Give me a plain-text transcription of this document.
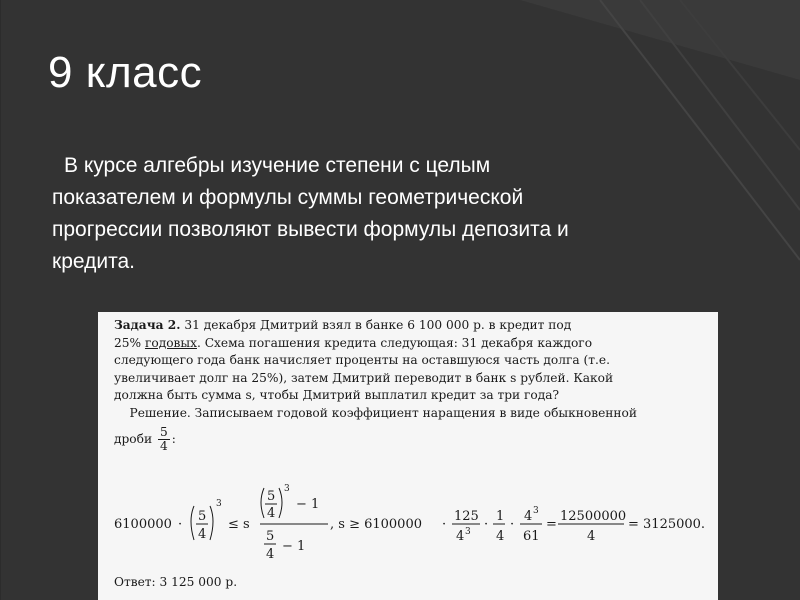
9 класс
В курсе алгебры изучение степени с целым
показателем и формулы суммы геометрической
прогрессии позволяют вывести формулы депозита и
кредита.
Задача 2. 31 декабря Дмитрий взял в банке 6 100 000 р. в кредит под
25% годовых. Схема погашения кредита следующая: 31 декабря каждого
следующего года банк начисляет проценты на оставшуюся часть долга (т.е.
увеличивает долг на 25%), затем Дмитрий переводит в банк s рублей. Какой
должна быть сумма s, чтобы Дмитрий выплатил кредит за три года?
Решение. Записываем годовой коэффициент наращения в виде обыкновенной
дроби $\frac{5}{4}$ :
6100000 ·
5
4
3
≤ s
5
4
3
− 1
5
4
− 1
, s ≥ 6100000 ·
125
4 3 ·
1
4
·
4 3
61
=
12500000
4
= 3125000.
Ответ: 3 125 000 р.
